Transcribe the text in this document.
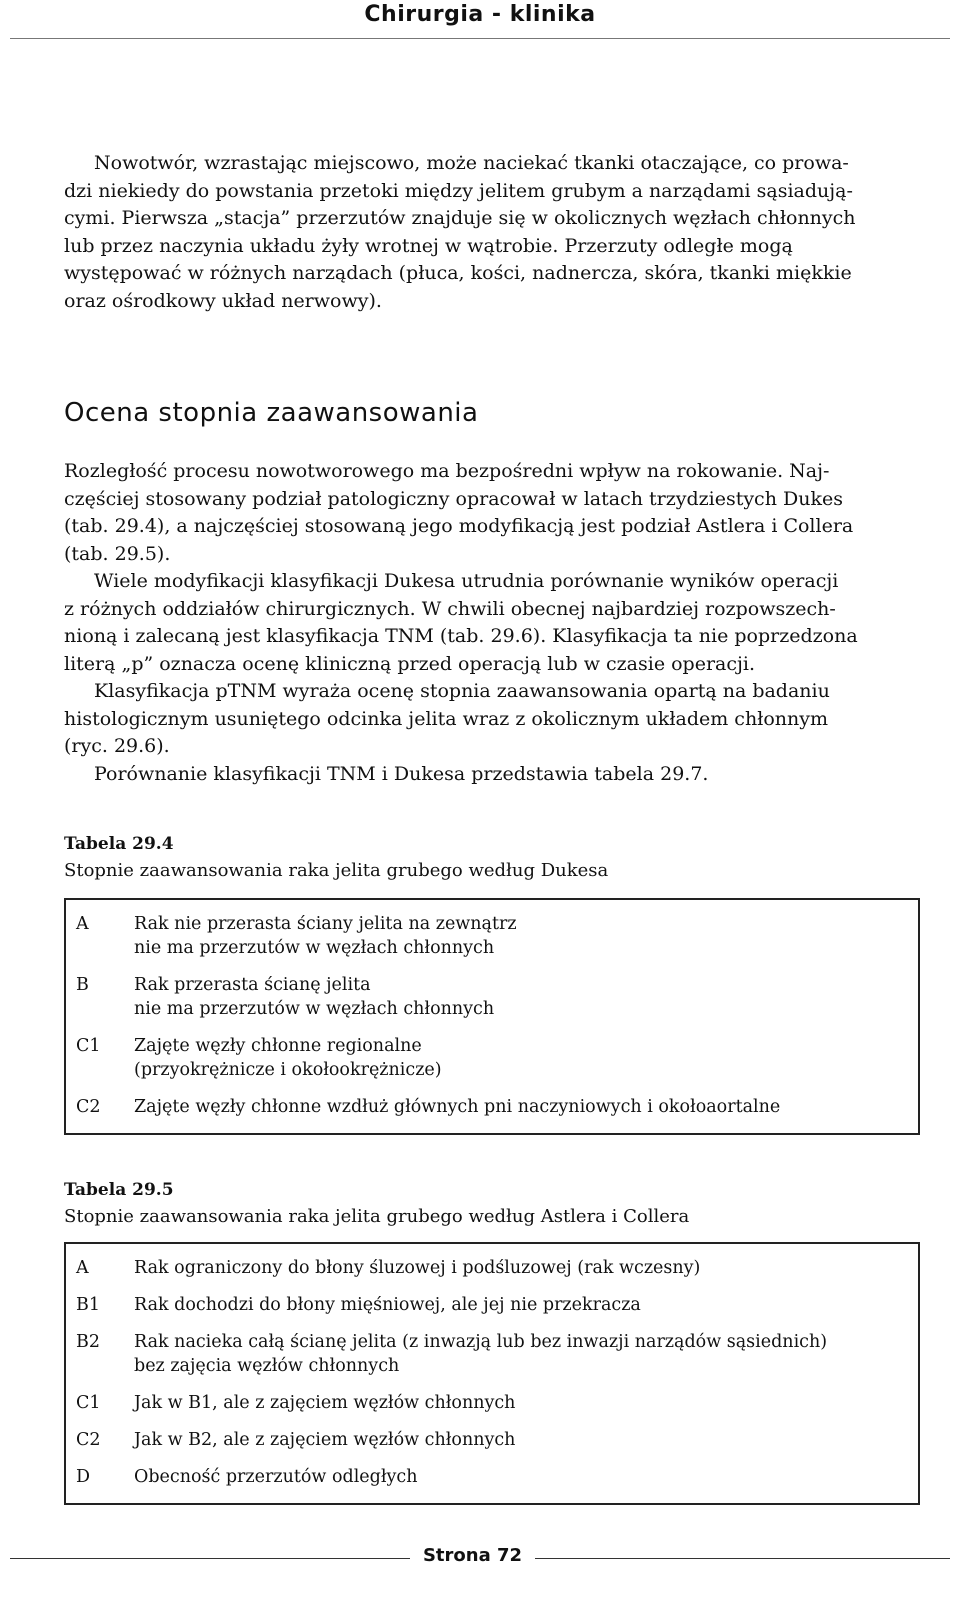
Chirurgia - klinika

Nowotwór, wzrastając miejscowo, może naciekać tkanki otaczające, co prowa-
dzi niekiedy do powstania przetoki między jelitem grubym a narządami sąsiadują-
cymi. Pierwsza „stacja” przerzutów znajduje się w okolicznych węzłach chłonnych
lub przez naczynia układu żyły wrotnej w wątrobie. Przerzuty odległe mogą
występować w różnych narządach (płuca, kości, nadnercza, skóra, tkanki miękkie
oraz ośrodkowy układ nerwowy).

Ocena stopnia zaawansowania
Rozległość procesu nowotworowego ma bezpośredni wpływ na rokowanie. Naj-
częściej stosowany podział patologiczny opracował w latach trzydziestych Dukes
(tab. 29.4), a najczęściej stosowaną jego modyfikacją jest podział Astlera i Collera
(tab. 29.5).
Wiele modyfikacji klasyfikacji Dukesa utrudnia porównanie wyników operacji
z różnych oddziałów chirurgicznych. W chwili obecnej najbardziej rozpowszech-
nioną i zalecaną jest klasyfikacja TNM (tab. 29.6). Klasyfikacja ta nie poprzedzona
literą „p” oznacza ocenę kliniczną przed operacją lub w czasie operacji.
Klasyfikacja pTNM wyraża ocenę stopnia zaawansowania opartą na badaniu
histologicznym usuniętego odcinka jelita wraz z okolicznym układem chłonnym
(ryc. 29.6).
Porównanie klasyfikacji TNM i Dukesa przedstawia tabela 29.7.
Tabela 29.4
Stopnie zaawansowania raka jelita grubego według Dukesa
A	Rak nie przerasta ściany jelita na zewnątrz
nie ma przerzutów w węzłach chłonnych

B	Rak przerasta ścianę jelita
nie ma przerzutów w węzłach chłonnych

C1	Zajęte węzły chłonne regionalne
(przyokrężnicze i okołookrężnicze)

C2	Zajęte węzły chłonne wzdłuż głównych pni naczyniowych i okołoaortalne
Tabela 29.5
Stopnie zaawansowania raka jelita grubego według Astlera i Collera
A	Rak ograniczony do błony śluzowej i podśluzowej (rak wczesny)

B1	Rak dochodzi do błony mięśniowej, ale jej nie przekracza

B2	Rak nacieka całą ścianę jelita (z inwazją lub bez inwazji narządów sąsiednich)
bez zajęcia węzłów chłonnych

C1	Jak w B1, ale z zajęciem węzłów chłonnych

C2	Jak w B2, ale z zajęciem węzłów chłonnych

D	Obecność przerzutów odległych
Strona 72
